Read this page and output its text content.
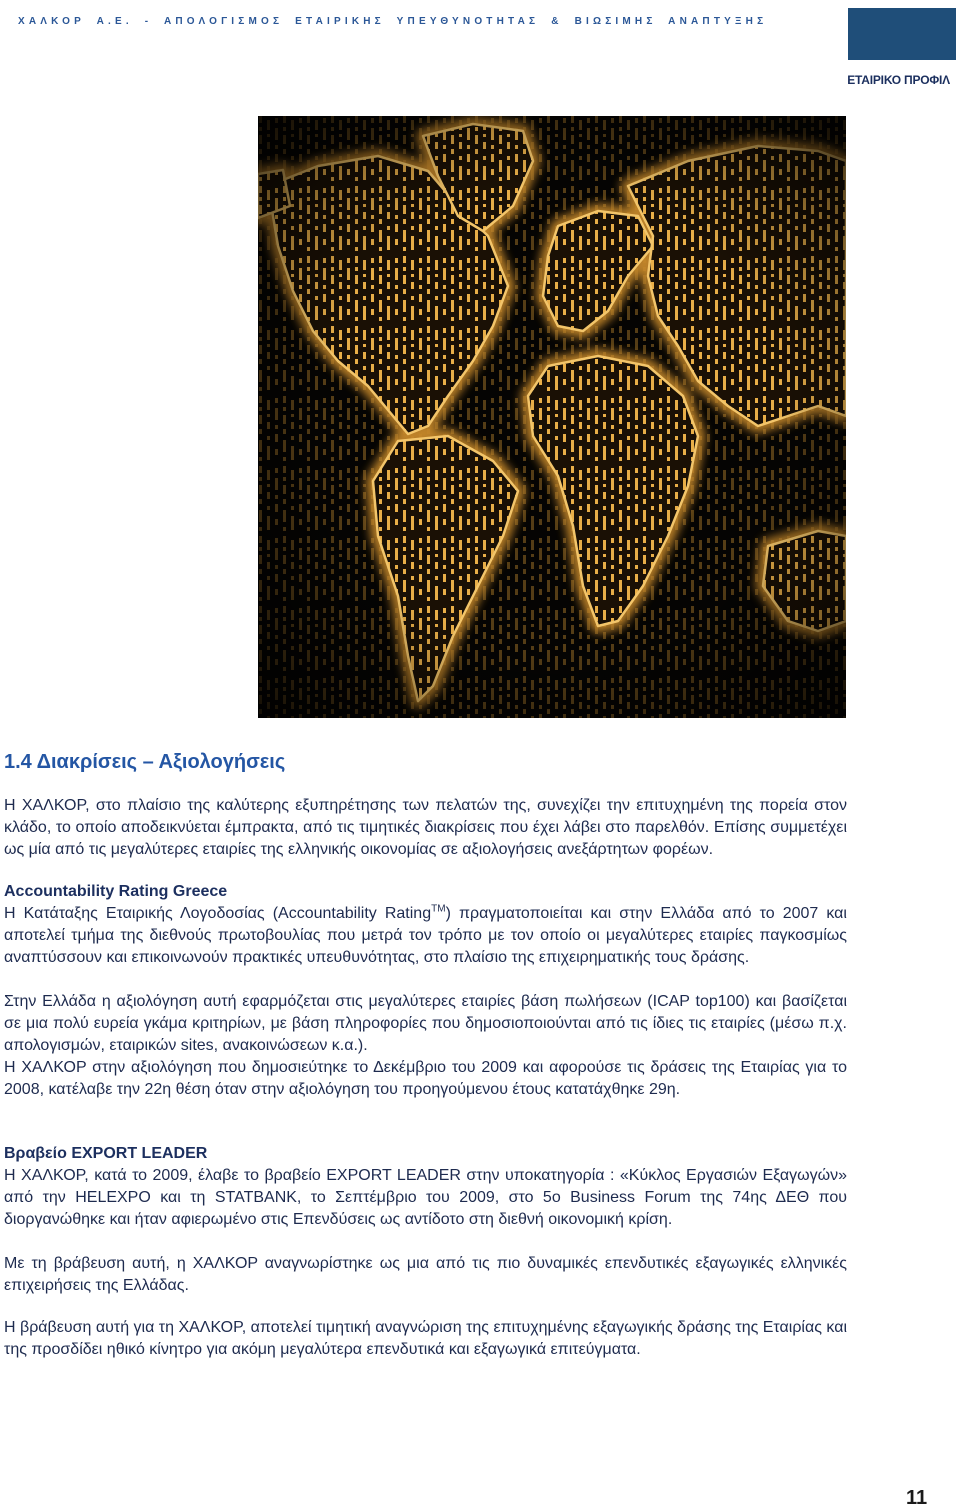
ΧΑΛΚΟΡ Α.Ε. - ΑΠΟΛΟΓΙΣΜΟΣ ΕΤΑΙΡΙΚΗΣ ΥΠΕΥΘΥΝΟΤΗΤΑΣ & ΒΙΩΣΙΜΗΣ ΑΝΑΠΤΥΞΗΣ
ΕΤΑΙΡΙΚΟ ΠΡΟΦΙΛ
1.4 Διακρίσεις – Αξιολογήσεις

Η ΧΑΛΚΟΡ, στο πλαίσιο της καλύτερης εξυπηρέτησης των πελατών της, συνεχίζει την επιτυχημένη της πορεία στον κλάδο, το οποίο αποδεικνύεται έμπρακτα, από τις τιμητικές διακρίσεις που έχει λάβει στο παρελθόν. Επίσης συμμετέχει ως μία από τις μεγαλύτερες εταιρίες της ελληνικής οικονομίας σε αξιολογήσεις ανεξάρτητων φορέων.

Accountability Rating Greece

Η Κατάταξης Εταιρικής Λογοδοσίας (Accountability Rating™) πραγματοποιείται και στην Ελλάδα από το 2007 και αποτελεί τμήμα της διεθνούς πρωτοβουλίας που μετρά τον τρόπο με τον οποίο οι μεγαλύτερες εταιρίες παγκοσμίως αναπτύσσουν και επικοινωνούν πρακτικές υπευθυνότητας, στο πλαίσιο της επιχειρηματικής τους δράσης.

Στην Ελλάδα η αξιολόγηση αυτή εφαρμόζεται στις μεγαλύτερες εταιρίες βάση πωλήσεων (ICAP top100) και βασίζεται σε μια πολύ ευρεία γκάμα κριτηρίων, με βάση πληροφορίες που δημοσιοποιούνται από τις ίδιες τις εταιρίες (μέσω π.χ. απολογισμών, εταιρικών sites, ανακοινώσεων κ.α.).

Η ΧΑΛΚΟΡ στην αξιολόγηση που δημοσιεύτηκε το Δεκέμβριο του 2009 και αφορούσε τις δράσεις της Εταιρίας για το 2008, κατέλαβε την 22η θέση όταν στην αξιολόγηση του προηγούμενου έτους κατατάχθηκε 29η.

Βραβείο EXPORT LEADER

Η ΧΑΛΚΟΡ, κατά το 2009, έλαβε το βραβείο EXPORT LEADER στην υποκατηγορία : «Κύκλος Εργασιών Εξαγωγών» από την HELEXPO και τη STATBANK, το Σεπτέμβριο του 2009, στο 5ο Business Forum της 74ης ΔΕΘ που διοργανώθηκε και ήταν αφιερωμένο στις Επενδύσεις ως αντίδοτο στη διεθνή οικονομική κρίση.

Με τη βράβευση αυτή, η ΧΑΛΚΟΡ αναγνωρίστηκε ως μια από τις πιο δυναμικές επενδυτικές εξαγωγικές ελληνικές επιχειρήσεις της Ελλάδας.

Η βράβευση αυτή για τη ΧΑΛΚΟΡ, αποτελεί τιμητική αναγνώριση της επιτυχημένης εξαγωγικής δράσης της Εταιρίας και της προσδίδει ηθικό κίνητρο για ακόμη μεγαλύτερα επενδυτικά και εξαγωγικά επιτεύγματα.

11
